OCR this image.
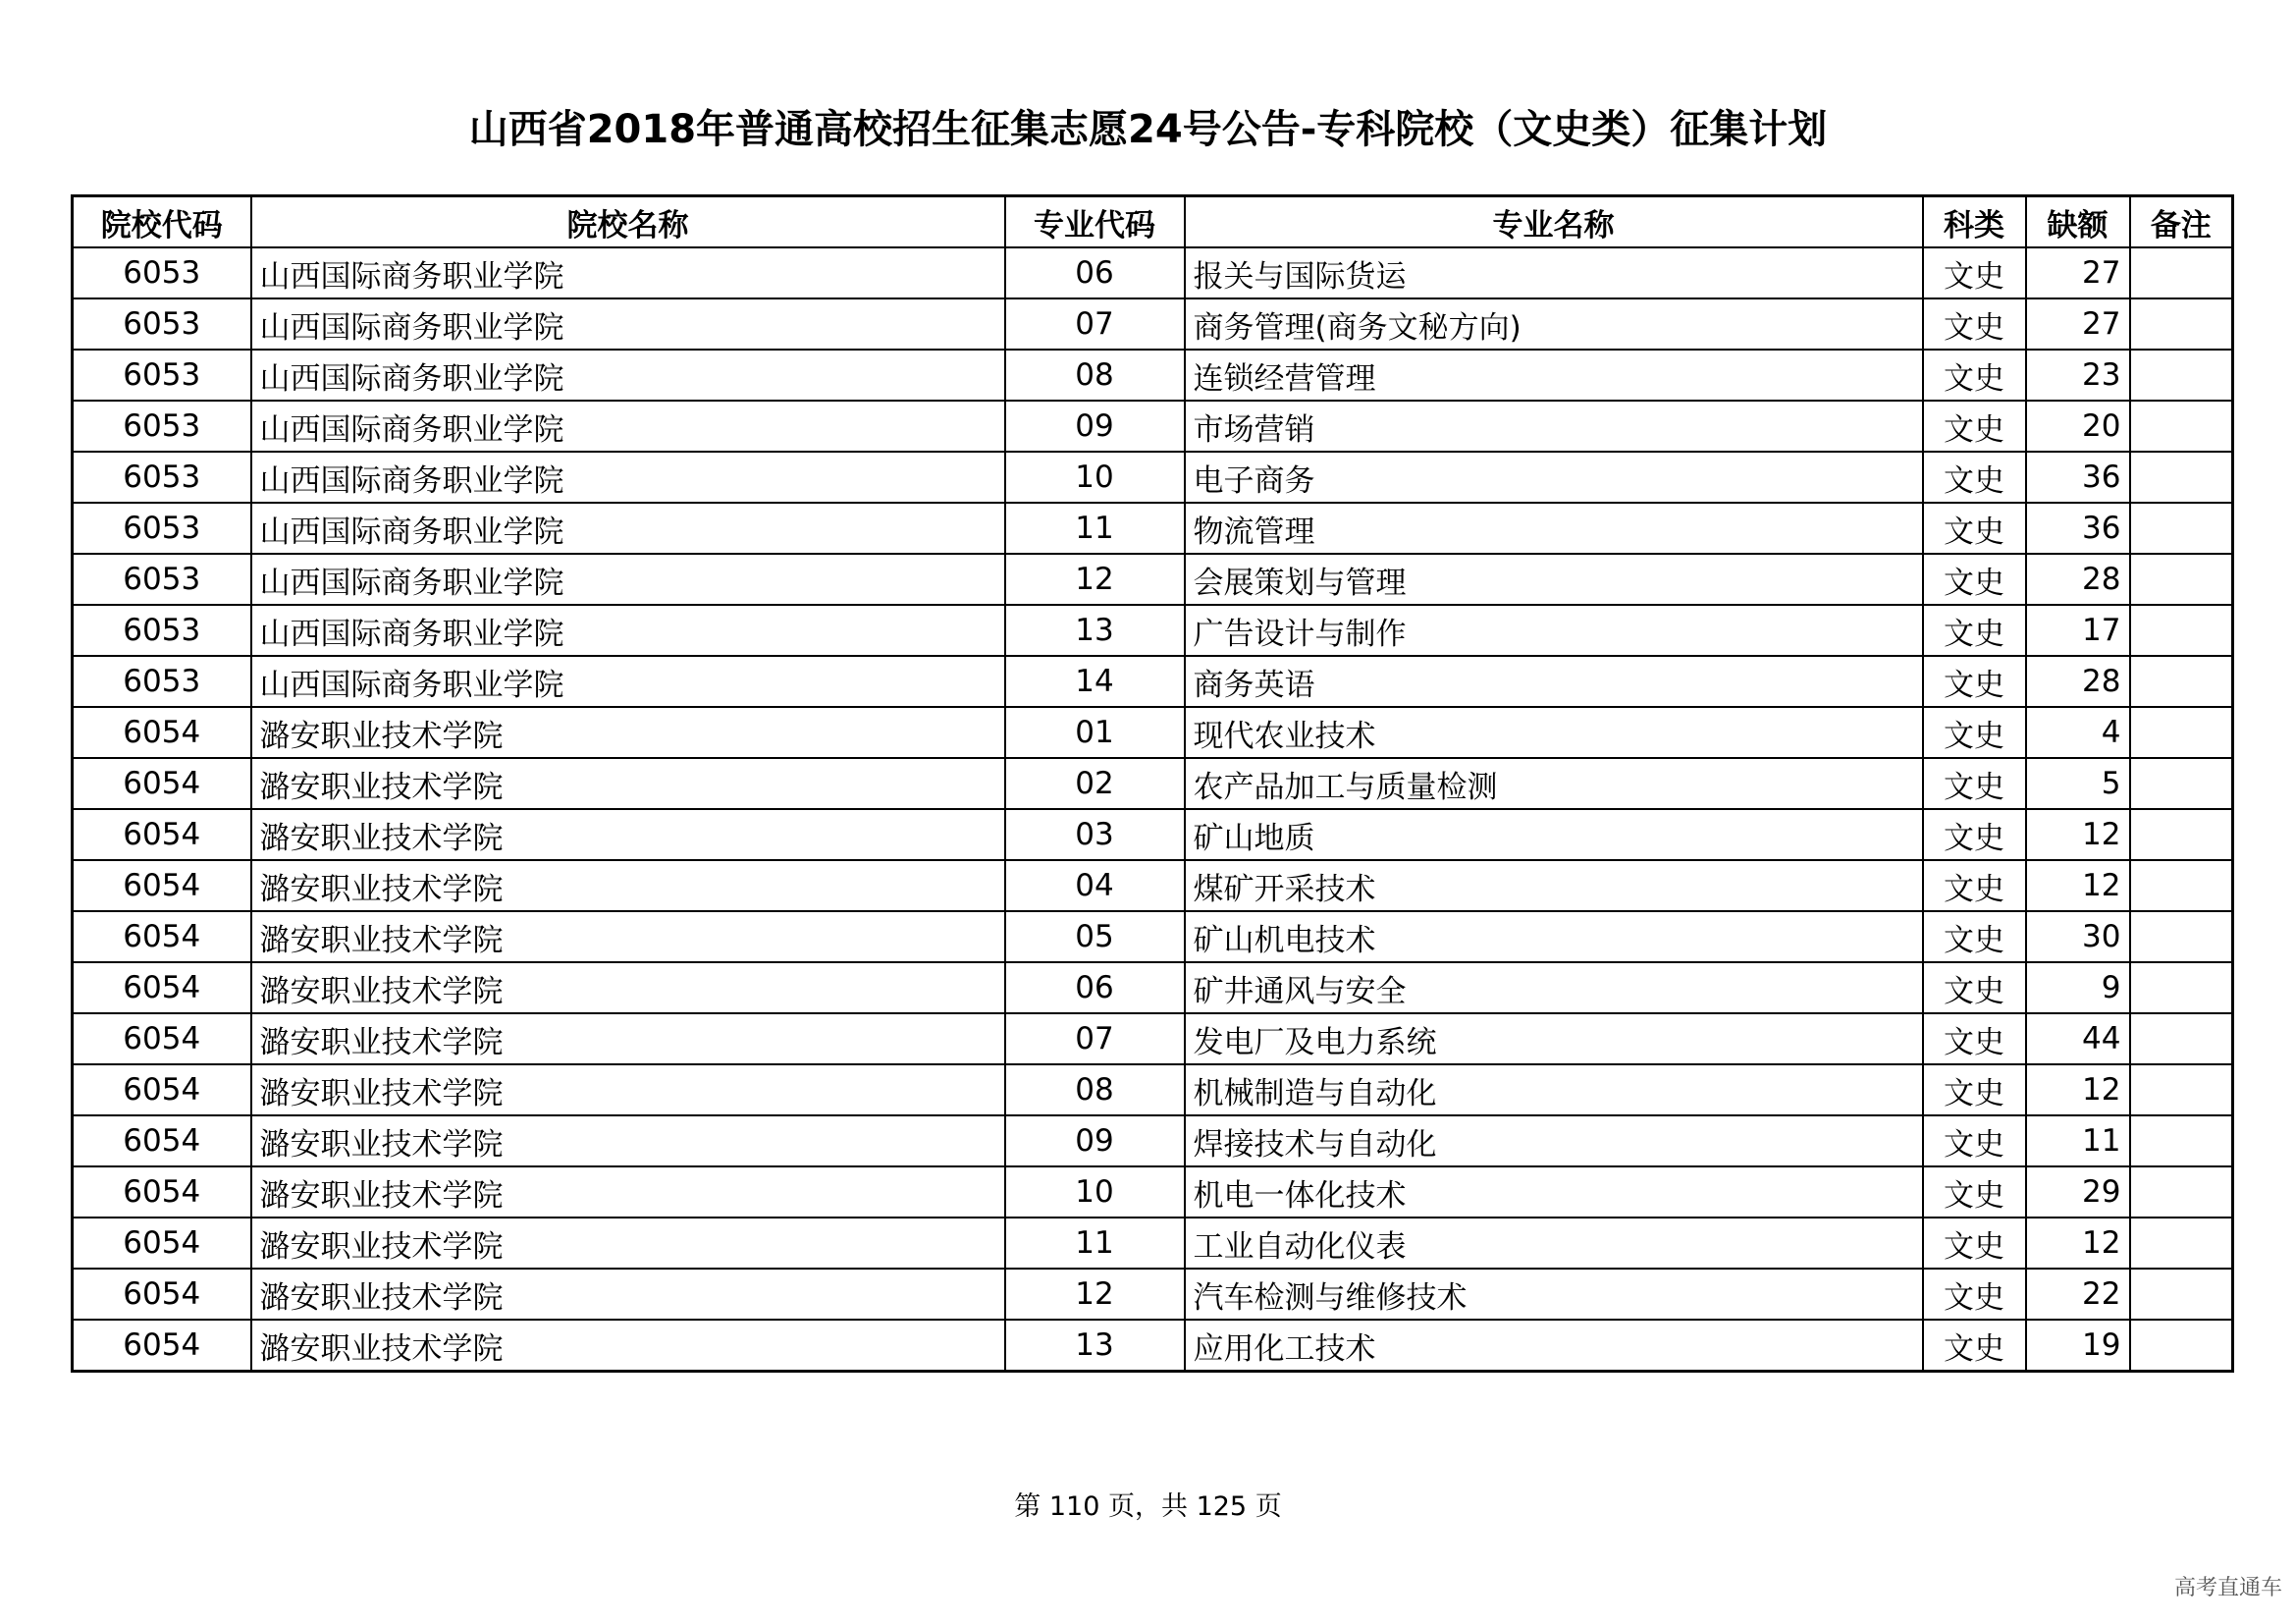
山西省2018年普通高校招生征集志愿24号公告-专科院校（文史类）征集计划
院校代码	院校名称	专业代码	专业名称	科类	缺额	备注
6053	山西国际商务职业学院	06	报关与国际货运	文史	27	
6053	山西国际商务职业学院	07	商务管理(商务文秘方向)	文史	27	
6053	山西国际商务职业学院	08	连锁经营管理	文史	23	
6053	山西国际商务职业学院	09	市场营销	文史	20	
6053	山西国际商务职业学院	10	电子商务	文史	36	
6053	山西国际商务职业学院	11	物流管理	文史	36	
6053	山西国际商务职业学院	12	会展策划与管理	文史	28	
6053	山西国际商务职业学院	13	广告设计与制作	文史	17	
6053	山西国际商务职业学院	14	商务英语	文史	28	
6054	潞安职业技术学院	01	现代农业技术	文史	4	
6054	潞安职业技术学院	02	农产品加工与质量检测	文史	5	
6054	潞安职业技术学院	03	矿山地质	文史	12	
6054	潞安职业技术学院	04	煤矿开采技术	文史	12	
6054	潞安职业技术学院	05	矿山机电技术	文史	30	
6054	潞安职业技术学院	06	矿井通风与安全	文史	9	
6054	潞安职业技术学院	07	发电厂及电力系统	文史	44	
6054	潞安职业技术学院	08	机械制造与自动化	文史	12	
6054	潞安职业技术学院	09	焊接技术与自动化	文史	11	
6054	潞安职业技术学院	10	机电一体化技术	文史	29	
6054	潞安职业技术学院	11	工业自动化仪表	文史	12	
6054	潞安职业技术学院	12	汽车检测与维修技术	文史	22	
6054	潞安职业技术学院	13	应用化工技术	文史	19	
第 110 页，共 125 页
高考直通车
